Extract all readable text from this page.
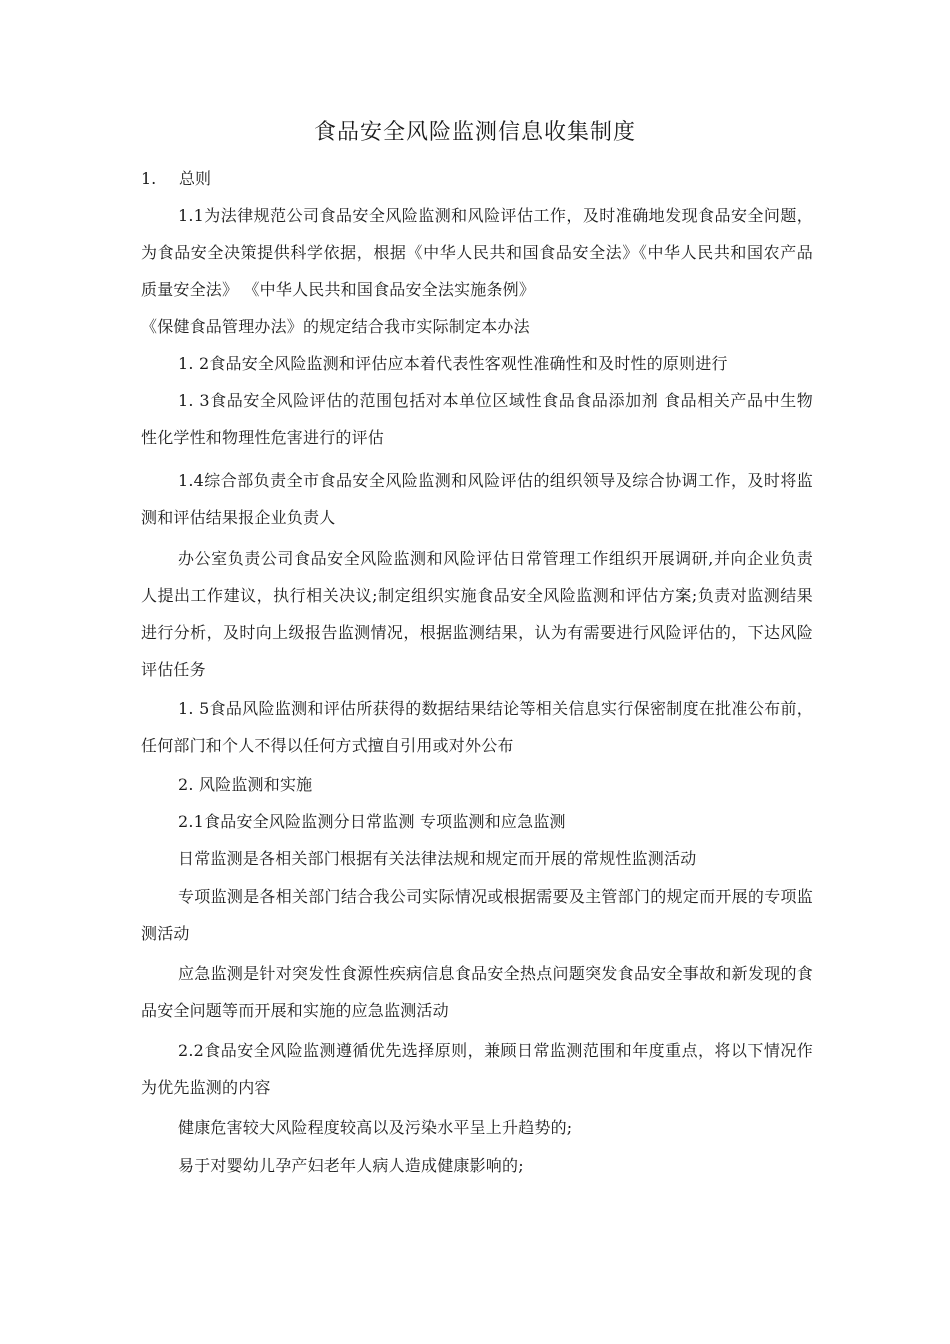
食品安全风险监测信息收集制度
1. 总则

1.1为法律规范公司食品安全风险监测和风险评估工作，及时准确地发现食品安全问题，为食品安全决策提供科学依据，根据《中华人民共和国食品安全法》《中华人民共和国农产品质量安全法》 《中华人民共和国食品安全法实施条例》

《保健食品管理办法》的规定结合我市实际制定本办法

1. 2食品安全风险监测和评估应本着代表性客观性准确性和及时性的原则进行

1. 3食品安全风险评估的范围包括对本单位区域性食品食品添加剂 食品相关产品中生物性化学性和物理性危害进行的评估

1.4综合部负责全市食品安全风险监测和风险评估的组织领导及综合协调工作，及时将监测和评估结果报企业负责人

办公室负责公司食品安全风险监测和风险评估日常管理工作组织开展调研,并向企业负责人提出工作建议，执行相关决议;制定组织实施食品安全风险监测和评估方案;负责对监测结果进行分析，及时向上级报告监测情况，根据监测结果，认为有需要进行风险评估的，下达风险评估任务

1. 5食品风险监测和评估所获得的数据结果结论等相关信息实行保密制度在批准公布前，任何部门和个人不得以任何方式擅自引用或对外公布

2. 风险监测和实施

2.1食品安全风险监测分日常监测 专项监测和应急监测

日常监测是各相关部门根据有关法律法规和规定而开展的常规性监测活动

专项监测是各相关部门结合我公司实际情况或根据需要及主管部门的规定而开展的专项监测活动

应急监测是针对突发性食源性疾病信息食品安全热点问题突发食品安全事故和新发现的食品安全问题等而开展和实施的应急监测活动

2.2食品安全风险监测遵循优先选择原则，兼顾日常监测范围和年度重点，将以下情况作为优先监测的内容

健康危害较大风险程度较高以及污染水平呈上升趋势的;

易于对婴幼儿孕产妇老年人病人造成健康影响的;
